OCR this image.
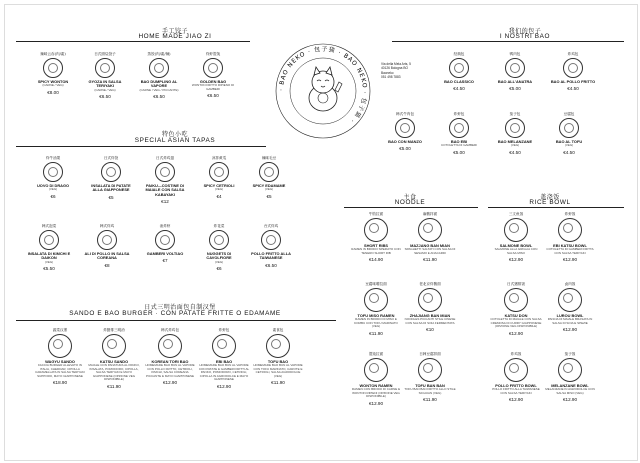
手工饺子
HOME MADE JIAO ZI
特色小吃
SPECIAL ASIAN TAPAS
日式三明治面包自制汉堡
SANDO E BAO BURGER · CON PATATE FRITTE O EDAMAME
我们的包子
I NOSTRI BAO
主食
NOODLE
盖浇饭
RICE BOWL
· BAO NEKO · 包子猫 · BAO NEKO · 包子猫 ·
Via della Mela Arts, 5
40126 Bologna BO
Baoneko
051 498 7883
辣味云吞(肉/素)
SPICY WONTON
(CARNE / VEG)
€8.00
日式照烧饺子
GYOZA IN SALSA TERIYAKI
(CARNE / VEG)
€6.50
蒸饺(肉/素/辣)
BAO DUMPLING AL VAPORE
(CARNE / VEG / PICCANTE)
€6.50
炸虾馄饨
GOLDEN BAG
WONTON FRITTO RIPIENO DI GAMBERI
€6.50
炸牛油果
UOVO DI DRAGO
(VEG)
€6
日式炸饺
INSALATA DI PATATE ALLA GIAPPONESE
€5
日式炸鸡翅
PAIKU—COSTINE DI MAIALE CON SALSA KABAYAKI
€12
凉拌黄瓜
SPICY CETRIOLI
(VEG)
€4
辣味毛豆
SPICY EDAMAME
(VEG)
€5
韩式泡菜
INSALATA DI KIMCHI E DAIKON
(VEG)
€5.50
韩式炸鸡
ALI DI POLLO IN SALSA COREANA
€8
油炸虾
GAMBERI VOLTIAO
€7
炸花菜
NUGGETS DI CAVOLFIORE
(VEG)
€6
台式炸鸡
POLLO FRITTO ALLA TAIWANESE
€6.50
蔬菜汉堡
WAGYU SANDO
FACCIA BURGER ALLEVATO IN ITALIA, CHEDDAR, CIPOLLA CARAMELLATA IN SALSA TERIYAKI SUPPORO, MAYO GIAPPONESE
€18.90
炸猪排三明治
KATSU SANDO
MAIALE CON PANATURA AL PANKO, INSALATA, POMODORO, CIPOLLA, SALSA TERIYAKI E MAYO GIAPPONESE (OPZIONE VEG DISPONIBILE)
€11.90
韩式炸鸡包
KOREAN TORI BAO
HOMEMADE BAO BUN AL VAPORE CON POLLO FRITTO, CETRIOLI, KIMCHI, SALSA COREANA PICCANTE E MAYO GIAPPONESE
€12.90
炸虾包
EBI BAO
HOMEMADE BAO BUN AL VAPORE CON PATATE E GAMBERI FRITTI AL PANKO, POMODORO, CETRIOLI, CIPOLLA IN AGRODOLCE E MAYO GIAPPONESE
€12.90
素食包
TOFU BAO
HOMEMADE BAO BUN AL VAPORE CON TOFU MARINATO, CAROTE E CETRIOLI, SALSA AGRODOLCE (VEG)
€11.90
经典包
BAO CLASSICO
€4.50
鸭肉包
BAO ALL'ANATRA
€5.00
炸鸡包
BAO AL POLLO FRITTO
€4.50
韩式牛肉包
BAO CON MANZO
€5.00
炸虾包
BAO EBI
COTOLETTA DI GAMBERI
€5.00
茄子包
BAO MELANZANE
(VEG)
€4.50
豆腐包
BAO AL TOFU
(VEG)
€4.50
牛肋拉面
SHORT RIBS
RAMEN IN BRODO SPEZIATO CON TENERO SHORT RIB
€14.90
麻酱拌面
MAZJANG BAN MIAN
SPAGHETTI SALTATI CON SALSA DI SESAMO E ANACARDI
€11.90
豆腐味噌拉面
TOFU MISO RAMEN
RAMEN IN BRODO DI MISO E KOMBU CON TOFU MARINATO (VEG)
€11.90
老北京炸酱面
ZHAJIANG BAN MIAN
NOODLES PICCANTI STILE CINESE CON SALSA DI SOIA FERMENTATA
€10
馄饨拉面
WONTON RAMEN
RAMEN CON BRODO DI CARNE E WONTON RIPIENI (OPZIONE VEG DISPONIBILE)
€12.90
日韩豆腐拌面
TOFU BAN BAN
TOFU BAN BAN FRITTO ALLO STILE SICHUAN (VEG)
€11.90
三文鱼饭
SALMONE BOWL
SALMONE ALLA GRIGLIA CON SALSA MISO
€12.90
炸虾饭
EBI KATSU BOWL
COTOLETTA DI GAMBERI FRITTA CON SALSA TERIYAKI
€12.90
日式猪排饭
KATSU DON
COTOLETTA DI MAIALE CON SALSA CREMOSA DI CURRY GIAPPONESE (OPZIONE VEG DISPONIBILE)
€12.90
卤肉饭
LUROU BOWL
PANCIA DI MAIALE BRASATA IN SALSA DI SOIA E SPEZIE
€12.90
炸鸡饭
POLLO FRITTO BOWL
POLLO FRITTO ALLA TAIWANESE CON SALSA TERIYAKI
€12.90
茄子饭
MELANZANE BOWL
MELANZANE IN AGRODOLCE CON SALSA MISO (VEG)
€12.90
